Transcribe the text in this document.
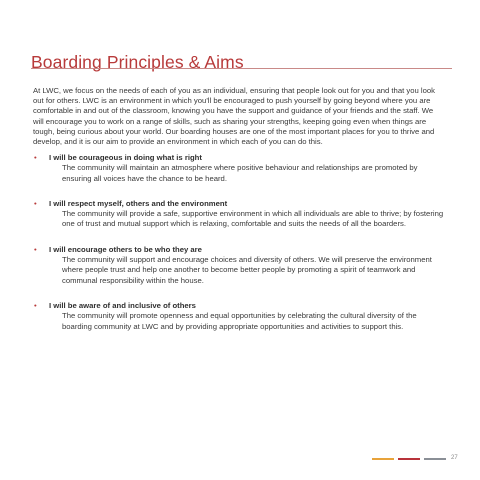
Boarding Principles & Aims

At LWC, we focus on the needs of each of you as an individual, ensuring that people look out for you and that you look out for others. LWC is an environment in which you'll be encouraged to push yourself by going beyond where you are comfortable in and out of the classroom, knowing you have the support and guidance of your friends and the staff. We will encourage you to work on a range of skills, such as sharing your strengths, keeping going even when things are tough, being curious about your world. Our boarding houses are one of the most important places for you to thrive and develop, and it is our aim to provide an environment in which each of you can do this.

• I will be courageous in doing what is right
The community will maintain an atmosphere where positive behaviour and relationships are promoted by ensuring all voices have the chance to be heard.
• I will respect myself, others and the environment
The community will provide a safe, supportive environment in which all individuals are able to thrive; by fostering one of trust and mutual support which is relaxing, comfortable and suits the needs of all the boarders.
• I will encourage others to be who they are
The community will support and encourage choices and diversity of others. We will preserve the environment where people trust and help one another to become better people by promoting a spirit of teamwork and communal responsibility within the house.
• I will be aware of and inclusive of others
The community will promote openness and equal opportunities by celebrating the cultural diversity of the boarding community at LWC and by providing appropriate opportunities and activities to support this.
27
